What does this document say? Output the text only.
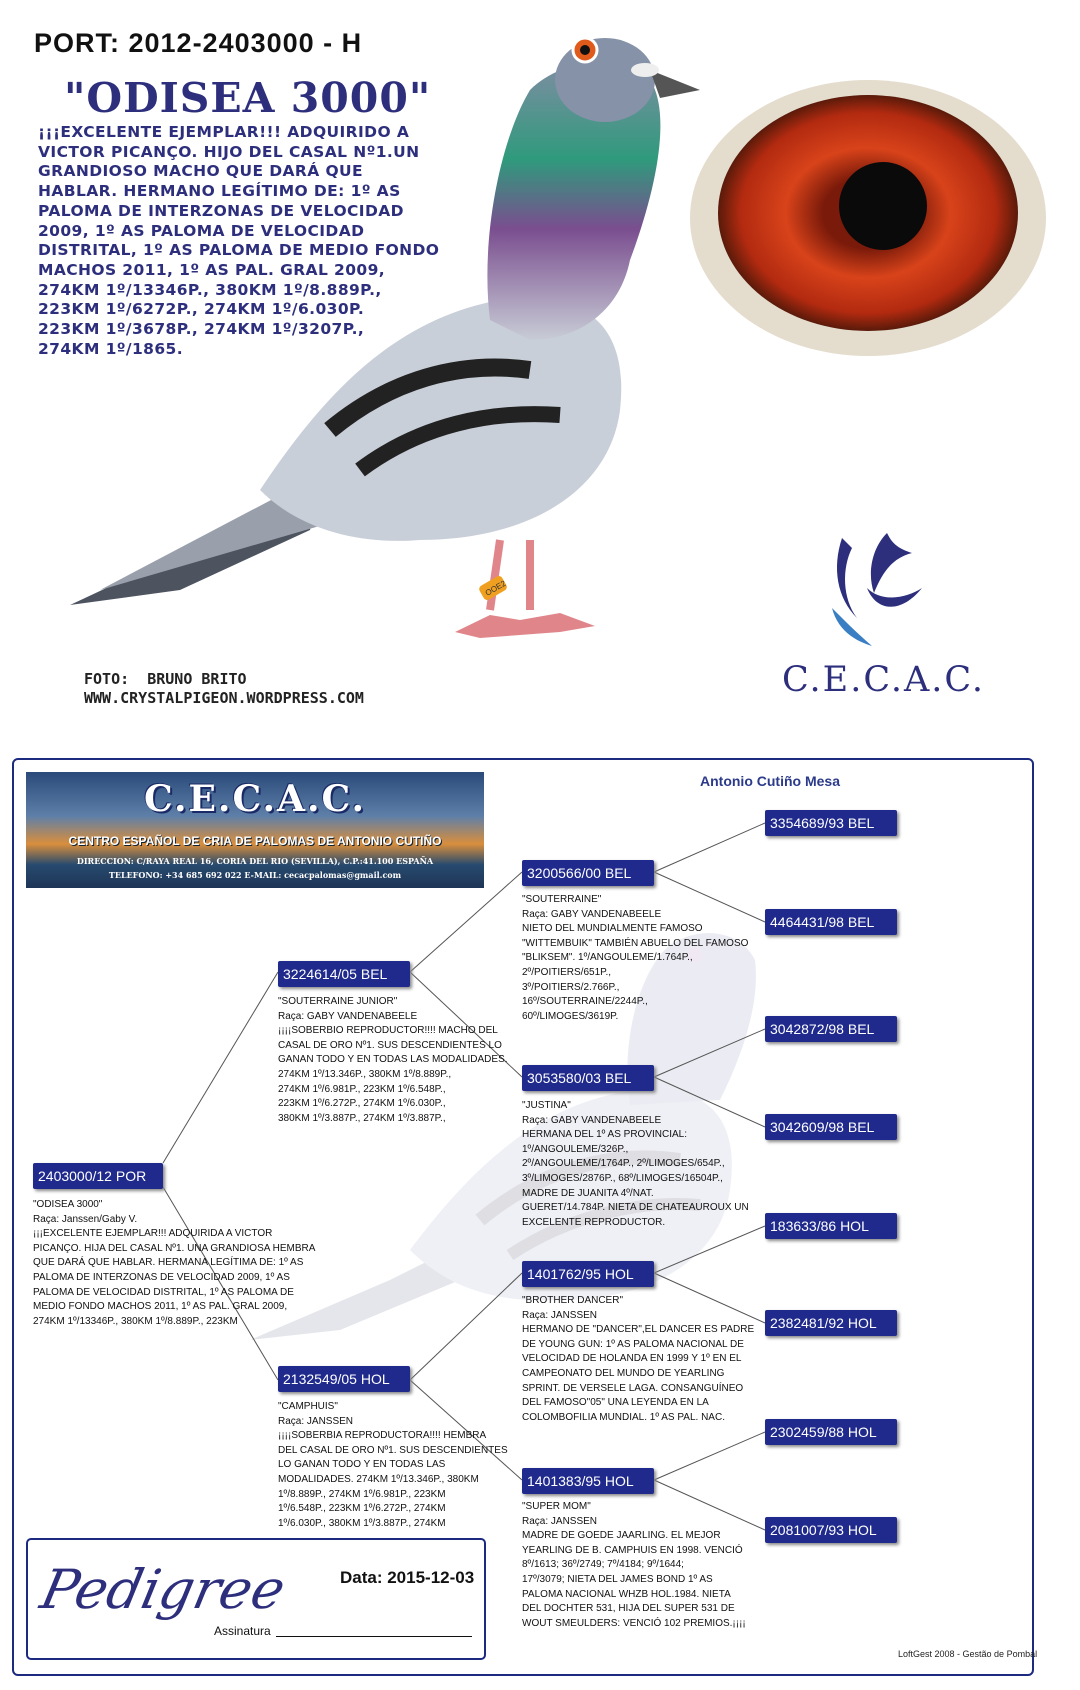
PORT: 2012-2403000 - H
"ODISEA 3000"
¡¡¡EXCELENTE EJEMPLAR!!! ADQUIRIDO A
VICTOR PICANÇO. HIJO DEL CASAL Nº1.UN
GRANDIOSO MACHO QUE DARÁ QUE
HABLAR. HERMANO LEGÍTIMO DE: 1º AS
PALOMA DE INTERZONAS DE VELOCIDAD
2009, 1º AS PALOMA DE VELOCIDAD
DISTRITAL, 1º AS PALOMA DE MEDIO FONDO
MACHOS 2011, 1º AS PAL. GRAL 2009,
274KM 1º/13346P., 380KM 1º/8.889P.,
223KM 1º/6272P., 274KM 1º/6.030P.
223KM 1º/3678P., 274KM 1º/3207P.,
274KM 1º/1865.
OOE2
C.E.C.A.C.
FOTO: BRUNO BRITO
WWW.CRYSTALPIGEON.WORDPRESS.COM
C.E.C.A.C.
CENTRO ESPAÑOL DE CRIA DE PALOMAS DE ANTONIO CUTIÑO
DIRECCION: C/RAYA REAL 16, CORIA DEL RIO (SEVILLA), C.P.:41.100 ESPAÑA
TELEFONO: +34 685 692 022 E-MAIL: cecacpalomas@gmail.com
Antonio Cutiño Mesa
2403000/12 POR
"ODISEA 3000"
Raça: Janssen/Gaby V.
¡¡¡EXCELENTE EJEMPLAR!!! ADQUIRIDA A VICTOR
PICANÇO. HIJA DEL CASAL Nº1. UNA GRANDIOSA HEMBRA
QUE DARÁ QUE HABLAR. HERMANA LEGÍTIMA DE: 1º AS
PALOMA DE INTERZONAS DE VELOCIDAD 2009, 1º AS
PALOMA DE VELOCIDAD DISTRITAL, 1º AS PALOMA DE
MEDIO FONDO MACHOS 2011, 1º AS PAL. GRAL 2009,
274KM 1º/13346P., 380KM 1º/8.889P., 223KM
3224614/05 BEL
"SOUTERRAINE JUNIOR"
Raça: GABY VANDENABEELE
¡¡¡¡SOBERBIO REPRODUCTOR!!!! MACHO DEL
CASAL DE ORO Nº1. SUS DESCENDIENTES LO
GANAN TODO Y EN TODAS LAS MODALIDADES.
274KM 1º/13.346P., 380KM 1º/8.889P.,
274KM 1º/6.981P., 223KM 1º/6.548P.,
223KM 1º/6.272P., 274KM 1º/6.030P.,
380KM 1º/3.887P., 274KM 1º/3.887P.,
2132549/05 HOL
"CAMPHUIS"
Raça: JANSSEN
¡¡¡¡SOBERBIA REPRODUCTORA!!!! HEMBRA
DEL CASAL DE ORO Nº1. SUS DESCENDIENTES
LO GANAN TODO Y EN TODAS LAS
MODALIDADES. 274KM 1º/13.346P., 380KM
1º/8.889P., 274KM 1º/6.981P., 223KM
1º/6.548P., 223KM 1º/6.272P., 274KM
1º/6.030P., 380KM 1º/3.887P., 274KM
3200566/00 BEL
"SOUTERRAINE"
Raça: GABY VANDENABEELE
NIETO DEL MUNDIALMENTE FAMOSO
"WITTEMBUIK" TAMBIÉN ABUELO DEL FAMOSO
"BLIKSEM". 1º/ANGOULEME/1.764P.,
2º/POITIERS/651P.,
3º/POITIERS/2.766P.,
16º/SOUTERRAINE/2244P.,
60º/LIMOGES/3619P.
3053580/03 BEL
"JUSTINA"
Raça: GABY VANDENABEELE
HERMANA DEL 1º AS PROVINCIAL:
1º/ANGOULEME/326P.,
2º/ANGOULEME/1764P., 2º/LIMOGES/654P.,
3º/LIMOGES/2876P., 68º/LIMOGES/16504P.,
MADRE DE JUANITA 4º/NAT.
GUERET/14.784P. NIETA DE CHATEAUROUX UN
EXCELENTE REPRODUCTOR.
1401762/95 HOL
"BROTHER DANCER"
Raça: JANSSEN
HERMANO DE "DANCER",EL DANCER ES PADRE
DE YOUNG GUN: 1º AS PALOMA NACIONAL DE
VELOCIDAD DE HOLANDA EN 1999 Y 1º EN EL
CAMPEONATO DEL MUNDO DE YEARLING
SPRINT. DE VERSELE LAGA. CONSANGUÍNEO
DEL FAMOSO"05" UNA LEYENDA EN LA
COLOMBOFILIA MUNDIAL. 1º AS PAL. NAC.
1401383/95 HOL
"SUPER MOM"
Raça: JANSSEN
MADRE DE GOEDE JAARLING. EL MEJOR
YEARLING DE B. CAMPHUIS EN 1998. VENCIÓ
8º/1613; 36º/2749; 7º/4184; 9º/1644;
17º/3079; NIETA DEL JAMES BOND 1º AS
PALOMA NACIONAL WHZB HOL.1984. NIETA
DEL DOCHTER 531, HIJA DEL SUPER 531 DE
WOUT SMEULDERS: VENCIÓ 102 PREMIOS.¡¡¡¡
3354689/93 BEL
4464431/98 BEL
3042872/98 BEL
3042609/98 BEL
183633/86 HOL
2382481/92 HOL
2302459/88 HOL
2081007/93 HOL
Pedigree	Data: 2015-12-03
Assinatura
LoftGest 2008 - Gestão de Pombal
